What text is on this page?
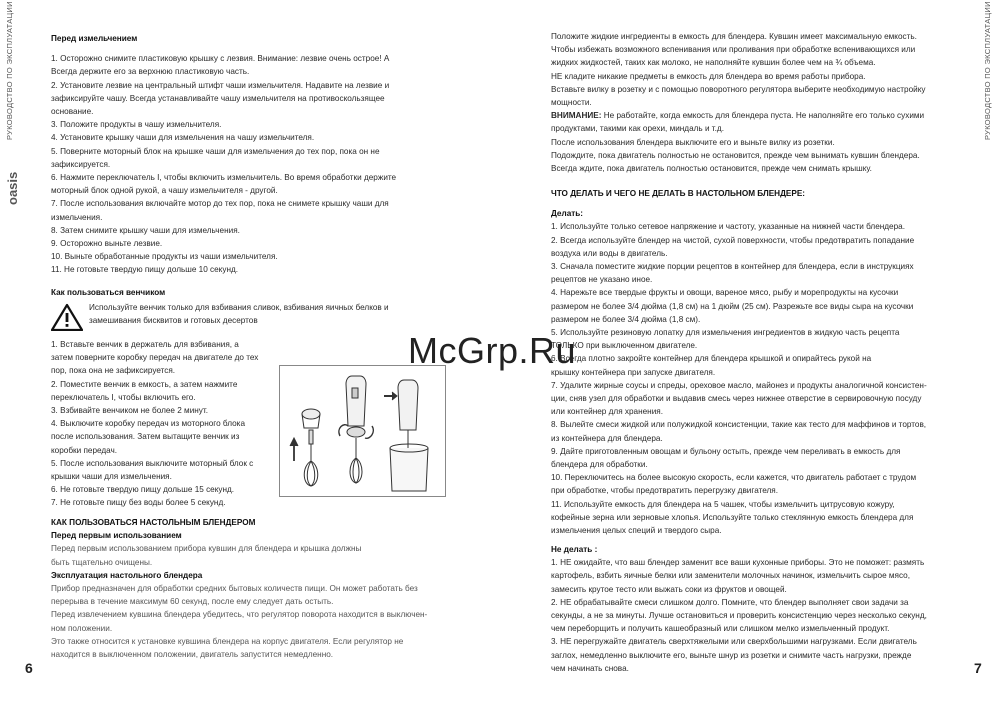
Перед измельчением

1. Осторожно снимите пластиковую крышку с лезвия. Внимание: лезвие очень острое! А

Всегда держите его за верхнюю пластиковую часть.

2. Установите лезвие на центральный штифт чаши измельчителя. Надавите на лезвие и

зафиксируйте чашу. Всегда устанавливайте чашу измельчителя на противоскользящее

основание.

3. Положите продукты в чашу измельчителя.

4. Установите крышку чаши для измельчения на чашу измельчителя.

5. Поверните моторный блок на крышке чаши для измельчения до тех пор, пока он не

зафиксируется.

6. Нажмите переключатель I, чтобы включить измельчитель. Во время обработки держите

моторный блок одной рукой, а чашу измельчителя - другой.

7. После использования включайте мотор до тех пор, пока не снимете крышку чаши для

измельчения.

8. Затем снимите крышку чаши для измельчения.

9. Осторожно выньте лезвие.

10. Выньте обработанные продукты из чаши измельчителя.

11. Не готовьте твердую пищу дольше 10 секунд.

Как пользоваться венчиком

Используйте венчик только для взбивания сливок, взбивания яичных белков и

замешивания бисквитов и готовых десертов

1. Вставьте венчик в держатель для взбивания, а

затем поверните коробку передач на двигателе до тех

пор, пока она не зафиксируется.

2. Поместите венчик в емкость, а затем нажмите

переключатель I, чтобы включить его.

3. Взбивайте венчиком не более 2 минут.

4. Выключите коробку передач из моторного блока

после использования. Затем вытащите венчик из

коробки передач.

5. После использования выключите моторный блок с

крышки чаши для измельчения.

6. Не готовьте твердую пищу дольше 15 секунд.

7. Не готовьте пищу без воды более 5 секунд.

КАК ПОЛЬЗОВАТЬСЯ НАСТОЛЬНЫМ БЛЕНДЕРОМ

Перед первым использованием

Перед первым использованием прибора кувшин для блендера и крышка должны

быть тщательно очищены.

Эксплуатация настольного блендера

Прибор предназначен для обработки средних бытовых количеств пищи. Он может работать без

перерыва в течение максимум 60 секунд, после ему следует дать остыть.

Перед извлечением кувшина блендера убедитесь, что регулятор поворота находится в выключен-

ном положении.

Это также относится к установке кувшина блендера на корпус двигателя. Если регулятор не

находится в выключенном положении, двигатель запустится немедленно.

6
РУКОВОДСТВО ПО ЭКСПЛУАТАЦИИ
oasis

Положите жидкие ингредиенты в емкость для блендера. Кувшин имеет максимальную емкость.

Чтобы избежать возможного вспенивания или проливания при обработке вспенивающихся или

жидких жидкостей, таких как молоко, не наполняйте кувшин более чем на ¾ объема.

НЕ кладите никакие предметы в емкость для блендера во время работы прибора.

Вставьте вилку в розетку и с помощью поворотного регулятора выберите необходимую настройку

мощности.

ВНИМАНИЕ: Не работайте, когда емкость для блендера пуста. Не наполняйте его только сухими

продуктами, такими как орехи, миндаль и т.д.

После использования блендера выключите его и выньте вилку из розетки.

Подождите, пока двигатель полностью не остановится, прежде чем вынимать кувшин блендера.

Всегда ждите, пока двигатель полностью остановится, прежде чем снимать крышку.

ЧТО ДЕЛАТЬ И ЧЕГО НЕ ДЕЛАТЬ В НАСТОЛЬНОМ БЛЕНДЕРЕ:

Делать:

1. Используйте только сетевое напряжение и частоту, указанные на нижней части блендера.

2. Всегда используйте блендер на чистой, сухой поверхности, чтобы предотвратить попадание

воздуха или воды в двигатель.

3. Сначала поместите жидкие порции рецептов в контейнер для блендера, если в инструкциях

рецептов не указано иное.

4. Нарежьте все твердые фрукты и овощи, вареное мясо, рыбу и морепродукты на кусочки

размером не более 3/4 дюйма (1,8 см) на 1 дюйм (25 см). Разрежьте все виды сыра на кусочки

размером не более 3/4 дюйма (1,8 см).

5. Используйте резиновую лопатку для измельчения ингредиентов в жидкую часть рецепта

ТОЛЬКО при выключенном двигателе.

6. Всегда плотно закройте контейнер для блендера крышкой и опирайтесь рукой на

крышку контейнера при запуске двигателя.

7. Удалите жирные соусы и спреды, ореховое масло, майонез и продукты аналогичной консистен-

ции, сняв узел для обработки и выдавив смесь через нижнее отверстие в сервировочную посуду

или контейнер для хранения.

8. Вылейте смеси жидкой или полужидкой консистенции, такие как тесто для маффинов и тортов,

из контейнера для блендера.

9. Дайте приготовленным овощам и бульону остыть, прежде чем переливать в емкость для

блендера для обработки.

10. Переключитесь на более высокую скорость, если кажется, что двигатель работает с трудом

при обработке, чтобы предотвратить перегрузку двигателя.

11. Используйте емкость для блендера на 5 чашек, чтобы измельчить цитрусовую кожуру,

кофейные зерна или зерновые хлопья. Используйте только стеклянную емкость блендера для

измельчения целых специй и твердого сыра.

Не делать :

1. НЕ ожидайте, что ваш блендер заменит все ваши кухонные приборы. Это не поможет: размять

картофель, взбить яичные белки или заменители молочных начинок, измельчить сырое мясо,

замесить крутое тесто или выжать соки из фруктов и овощей.

2. НЕ обрабатывайте смеси слишком долго. Помните, что блендер выполняет свои задачи за

секунды, а не за минуты. Лучше остановиться и проверить консистенцию через несколько секунд,

чем переборщить и получить кашеобразный или слишком мелко измельченный продукт.

3. НЕ перегружайте двигатель сверхтяжелыми или сверхбольшими нагрузками. Если двигатель

заглох, немедленно выключите его, выньте шнур из розетки и снимите часть нагрузки, прежде

чем начинать снова.	7
РУКОВОДСТВО ПО ЭКСПЛУАТАЦИИ
McGrp.Ru
